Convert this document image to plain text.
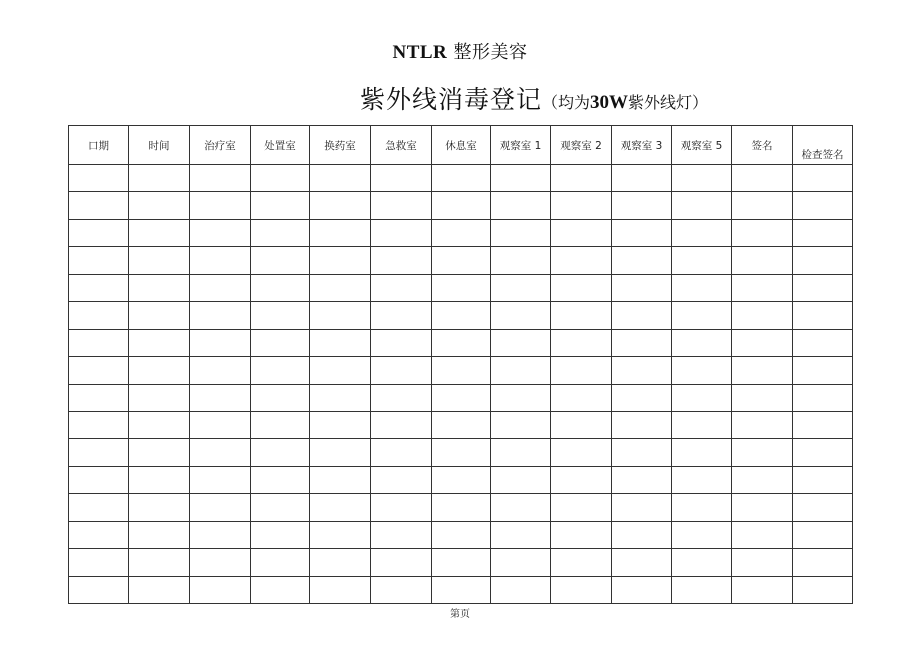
NTLR 整形美容
紫外线消毒登记（均为30W紫外线灯）
口期	时间	治疗室	处置室	换药室	急救室	休息室	观察室 1	观察室 2	观察室 3	观察室 5	签名	检查签名

第页
